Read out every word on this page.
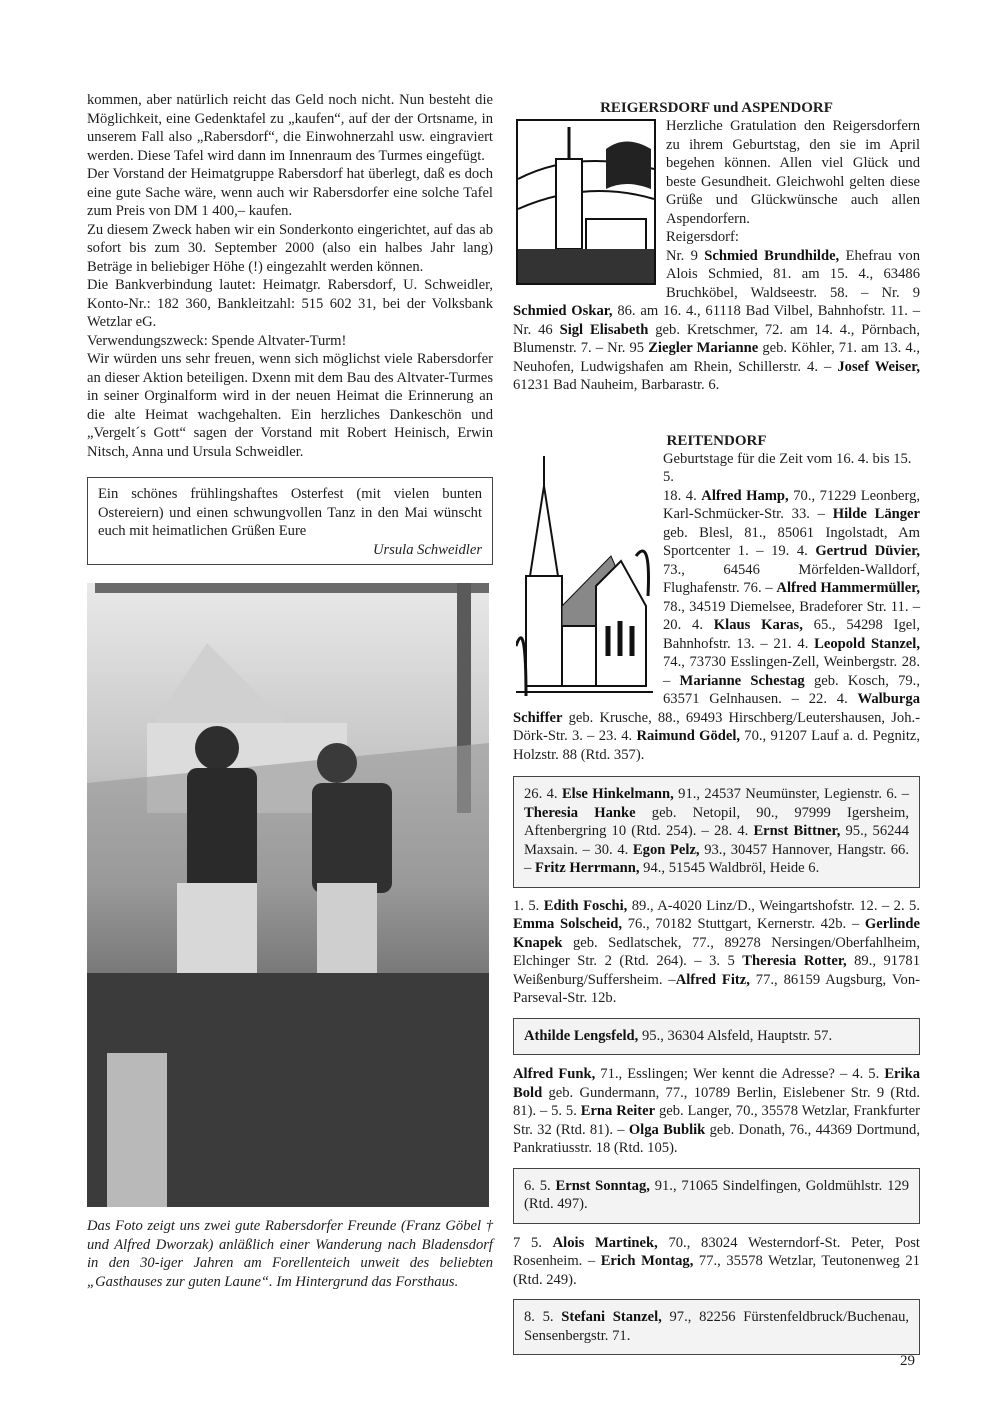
kommen, aber natürlich reicht das Geld noch nicht. Nun besteht die Möglichkeit, eine Gedenktafel zu „kaufen“, auf der der Ortsname, in unserem Fall also „Rabersdorf“, die Einwohnerzahl usw. eingraviert werden. Diese Tafel wird dann im Innenraum des Turmes eingefügt.

Der Vorstand der Heimatgruppe Rabersdorf hat überlegt, daß es doch eine gute Sache wäre, wenn auch wir Rabersdorfer eine solche Tafel zum Preis von DM 1 400,– kaufen.

Zu diesem Zweck haben wir ein Sonderkonto eingerichtet, auf das ab sofort bis zum 30. September 2000 (also ein halbes Jahr lang) Beträge in beliebiger Höhe (!) eingezahlt werden können.

Die Bankverbindung lautet: Heimatgr. Rabersdorf, U. Schweidler, Konto-Nr.: 182 360, Bankleitzahl: 515 602 31, bei der Volksbank Wetzlar eG.

Verwendungszweck: Spende Altvater-Turm!

Wir würden uns sehr freuen, wenn sich möglichst viele Rabersdorfer an dieser Aktion beteiligen. Dxenn mit dem Bau des Altvater-Turmes in seiner Orginalform wird in der neuen Heimat die Erinnerung an die alte Heimat wachgehalten. Ein herzliches Dankeschön und „Vergelt´s Gott“ sagen der Vorstand mit Robert Heinisch, Erwin Nitsch, Anna und Ursula Schweidler.

Ein schönes frühlingshaftes Osterfest (mit vielen bunten Ostereiern) und einen schwungvollen Tanz in den Mai wünscht euch mit heimatlichen Grüßen Eure

Ursula Schweidler

Das Foto zeigt uns zwei gute Rabersdorfer Freunde (Franz Göbel † und Alfred Dworzak) anläßlich einer Wanderung nach Bladensdorf in den 30-iger Jahren am Forellenteich unweit des beliebten „Gasthauses zur guten Laune“. Im Hintergrund das Forsthaus.

REIGERSDORF und ASPENDORF

Herzliche Gratulation den Reigersdorfern zu ihrem Geburtstag, den sie im April begehen können. Allen viel Glück und beste Gesundheit. Gleichwohl gelten diese Grüße und Glückwünsche auch allen Aspendorfern.

Reigersdorf:

Nr. 9 Schmied Brundhilde, Ehefrau von Alois Schmied, 81. am 15. 4., 63486 Bruchköbel, Waldseestr. 58. – Nr. 9 Schmied Oskar, 86. am 16. 4., 61118 Bad Vilbel, Bahnhofstr. 11. – Nr. 46 Sigl Elisabeth geb. Kretschmer, 72. am 14. 4., Pörnbach, Blumenstr. 7. – Nr. 95 Ziegler Marianne geb. Köhler, 71. am 13. 4., Neuhofen, Ludwigshafen am Rhein, Schillerstr. 4. – Josef Weiser, 61231 Bad Nauheim, Barbarastr. 6.

REITENDORF

Geburtstage für die Zeit vom 16. 4. bis 15. 5.

18. 4. Alfred Hamp, 70., 71229 Leonberg, Karl-Schmücker-Str. 33. – Hilde Länger geb. Blesl, 81., 85061 Ingolstadt, Am Sportcenter 1. – 19. 4. Gertrud Düvier, 73., 64546 Mörfelden-Walldorf, Flughafenstr. 76. – Alfred Hammermüller, 78., 34519 Diemelsee, Bradeforer Str. 11. – 20. 4. Klaus Karas, 65., 54298 Igel, Bahnhofstr. 13. – 21. 4. Leopold Stanzel, 74., 73730 Esslingen-Zell, Weinbergstr. 28. – Marianne Schestag geb. Kosch, 79., 63571 Gelnhausen. – 22. 4. Walburga Schiffer geb. Krusche, 88., 69493 Hirschberg/Leutershausen, Joh.-Dörk-Str. 3. – 23. 4. Raimund Gödel, 70., 91207 Lauf a. d. Pegnitz, Holzstr. 88 (Rtd. 357).

26. 4. Else Hinkelmann, 91., 24537 Neumünster, Legienstr. 6. – Theresia Hanke geb. Netopil, 90., 97999 Igersheim, Aftenbergring 10 (Rtd. 254). – 28. 4. Ernst Bittner, 95., 56244 Maxsain. – 30. 4. Egon Pelz, 93., 30457 Hannover, Hangstr. 66. – Fritz Herrmann, 94., 51545 Waldbröl, Heide 6.

1. 5. Edith Foschi, 89., A-4020 Linz/D., Weingartshofstr. 12. – 2. 5. Emma Solscheid, 76., 70182 Stuttgart, Kernerstr. 42b. – Gerlinde Knapek geb. Sedlatschek, 77., 89278 Nersingen/Oberfahlheim, Elchinger Str. 2 (Rtd. 264). – 3. 5 Theresia Rotter, 89., 91781 Weißenburg/Suffersheim. –Alfred Fitz, 77., 86159 Augsburg, Von-Parseval-Str. 12b.

Athilde Lengsfeld, 95., 36304 Alsfeld, Hauptstr. 57.

Alfred Funk, 71., Esslingen; Wer kennt die Adresse? – 4. 5. Erika Bold geb. Gundermann, 77., 10789 Berlin, Eislebener Str. 9 (Rtd. 81). – 5. 5. Erna Reiter geb. Langer, 70., 35578 Wetzlar, Frankfurter Str. 32 (Rtd. 81). – Olga Bublik geb. Donath, 76., 44369 Dortmund, Pankratiusstr. 18 (Rtd. 105).

6. 5. Ernst Sonntag, 91., 71065 Sindelfingen, Goldmühlstr. 129 (Rtd. 497).

7 5. Alois Martinek, 70., 83024 Westerndorf-St. Peter, Post Rosenheim. – Erich Montag, 77., 35578 Wetzlar, Teutonenweg 21 (Rtd. 249).

8. 5. Stefani Stanzel, 97., 82256 Fürstenfeldbruck/Buchenau, Sensenbergstr. 71.

29
